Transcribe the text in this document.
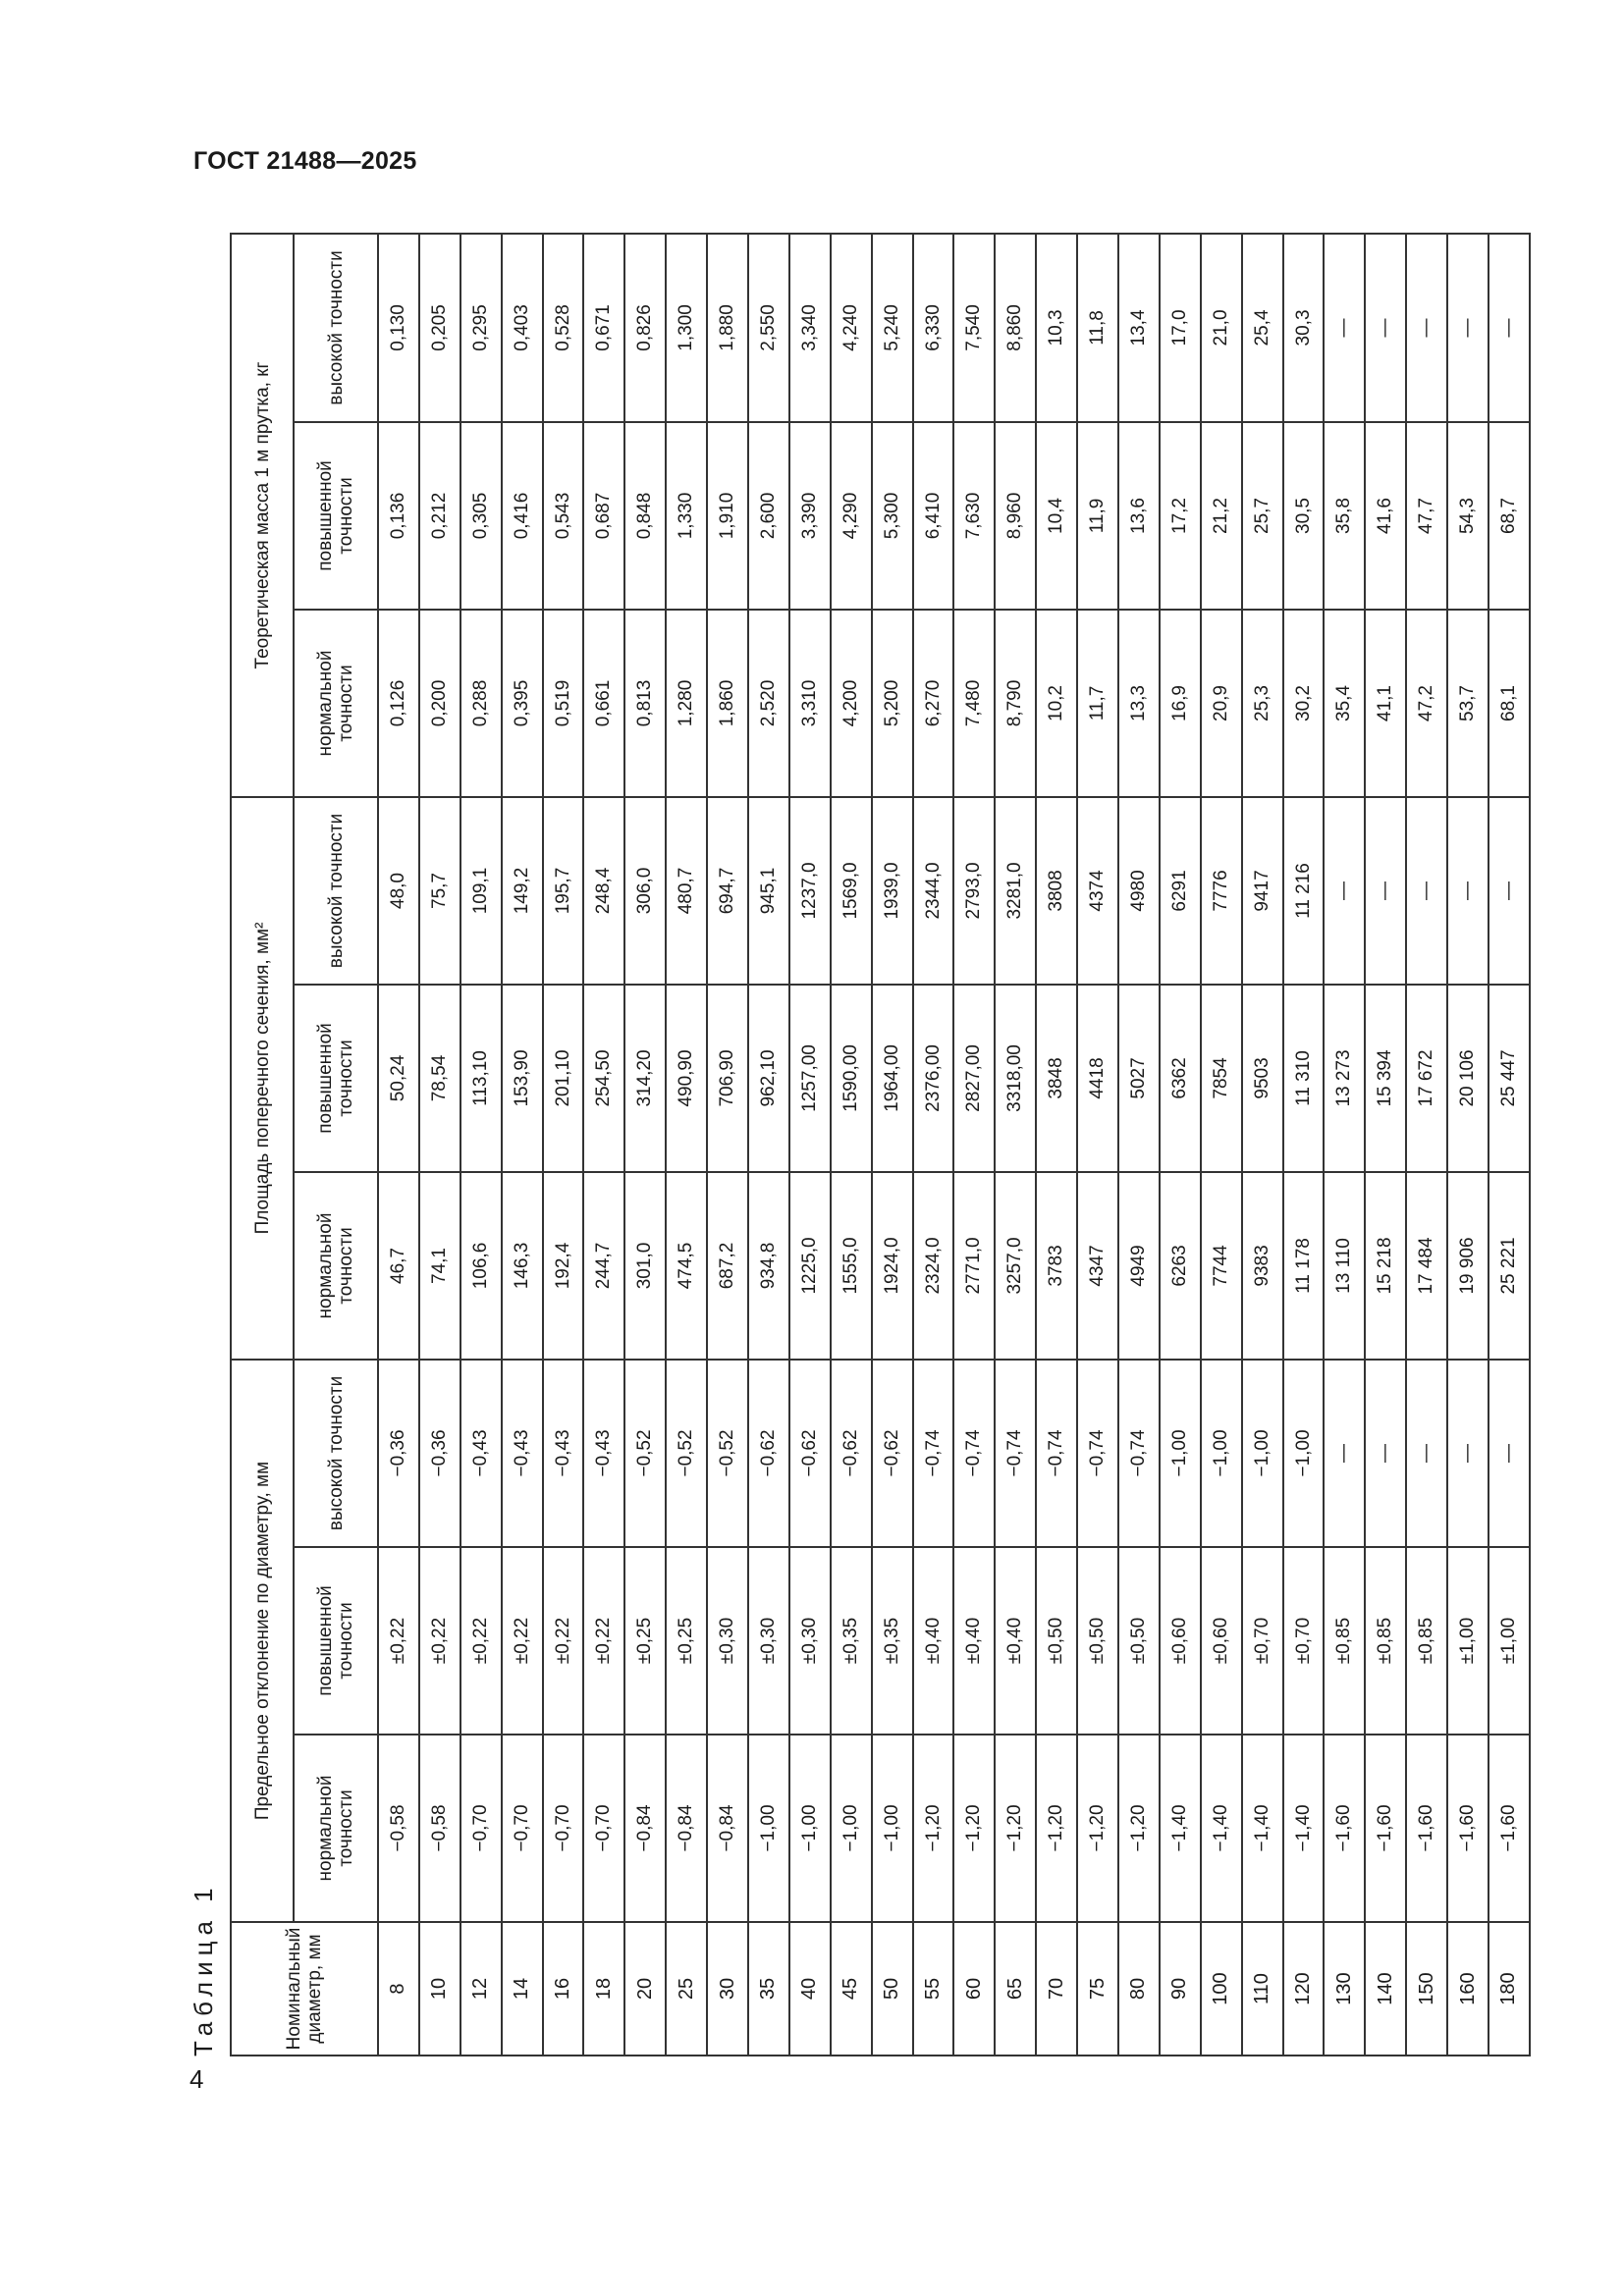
ГОСТ 21488—2025
Таблица 1
4
Номинальный диаметр, мм	Предельное отклонение по диаметру, мм			Площадь поперечного сечения, мм²			Теоретическая масса 1 м прутка, кг		
	нормальной точности	повышенной точности	высокой точности	нормальной точности	повышенной точности	высокой точности	нормальной точности	повышенной точности	высокой точности
8	−0,58	±0,22	−0,36	46,7	50,24	48,0	0,126	0,136	0,130
10	−0,58	±0,22	−0,36	74,1	78,54	75,7	0,200	0,212	0,205
12	−0,70	±0,22	−0,43	106,6	113,10	109,1	0,288	0,305	0,295
14	−0,70	±0,22	−0,43	146,3	153,90	149,2	0,395	0,416	0,403
16	−0,70	±0,22	−0,43	192,4	201,10	195,7	0,519	0,543	0,528
18	−0,70	±0,22	−0,43	244,7	254,50	248,4	0,661	0,687	0,671
20	−0,84	±0,25	−0,52	301,0	314,20	306,0	0,813	0,848	0,826
25	−0,84	±0,25	−0,52	474,5	490,90	480,7	1,280	1,330	1,300
30	−0,84	±0,30	−0,52	687,2	706,90	694,7	1,860	1,910	1,880
35	−1,00	±0,30	−0,62	934,8	962,10	945,1	2,520	2,600	2,550
40	−1,00	±0,30	−0,62	1225,0	1257,00	1237,0	3,310	3,390	3,340
45	−1,00	±0,35	−0,62	1555,0	1590,00	1569,0	4,200	4,290	4,240
50	−1,00	±0,35	−0,62	1924,0	1964,00	1939,0	5,200	5,300	5,240
55	−1,20	±0,40	−0,74	2324,0	2376,00	2344,0	6,270	6,410	6,330
60	−1,20	±0,40	−0,74	2771,0	2827,00	2793,0	7,480	7,630	7,540
65	−1,20	±0,40	−0,74	3257,0	3318,00	3281,0	8,790	8,960	8,860
70	−1,20	±0,50	−0,74	3783	3848	3808	10,2	10,4	10,3
75	−1,20	±0,50	−0,74	4347	4418	4374	11,7	11,9	11,8
80	−1,20	±0,50	−0,74	4949	5027	4980	13,3	13,6	13,4
90	−1,40	±0,60	−1,00	6263	6362	6291	16,9	17,2	17,0
100	−1,40	±0,60	−1,00	7744	7854	7776	20,9	21,2	21,0
110	−1,40	±0,70	−1,00	9383	9503	9417	25,3	25,7	25,4
120	−1,40	±0,70	−1,00	11 178	11 310	11 216	30,2	30,5	30,3
130	−1,60	±0,85	—	13 110	13 273	—	35,4	35,8	—
140	−1,60	±0,85	—	15 218	15 394	—	41,1	41,6	—
150	−1,60	±0,85	—	17 484	17 672	—	47,2	47,7	—
160	−1,60	±1,00	—	19 906	20 106	—	53,7	54,3	—
180	−1,60	±1,00	—	25 221	25 447	—	68,1	68,7	—
